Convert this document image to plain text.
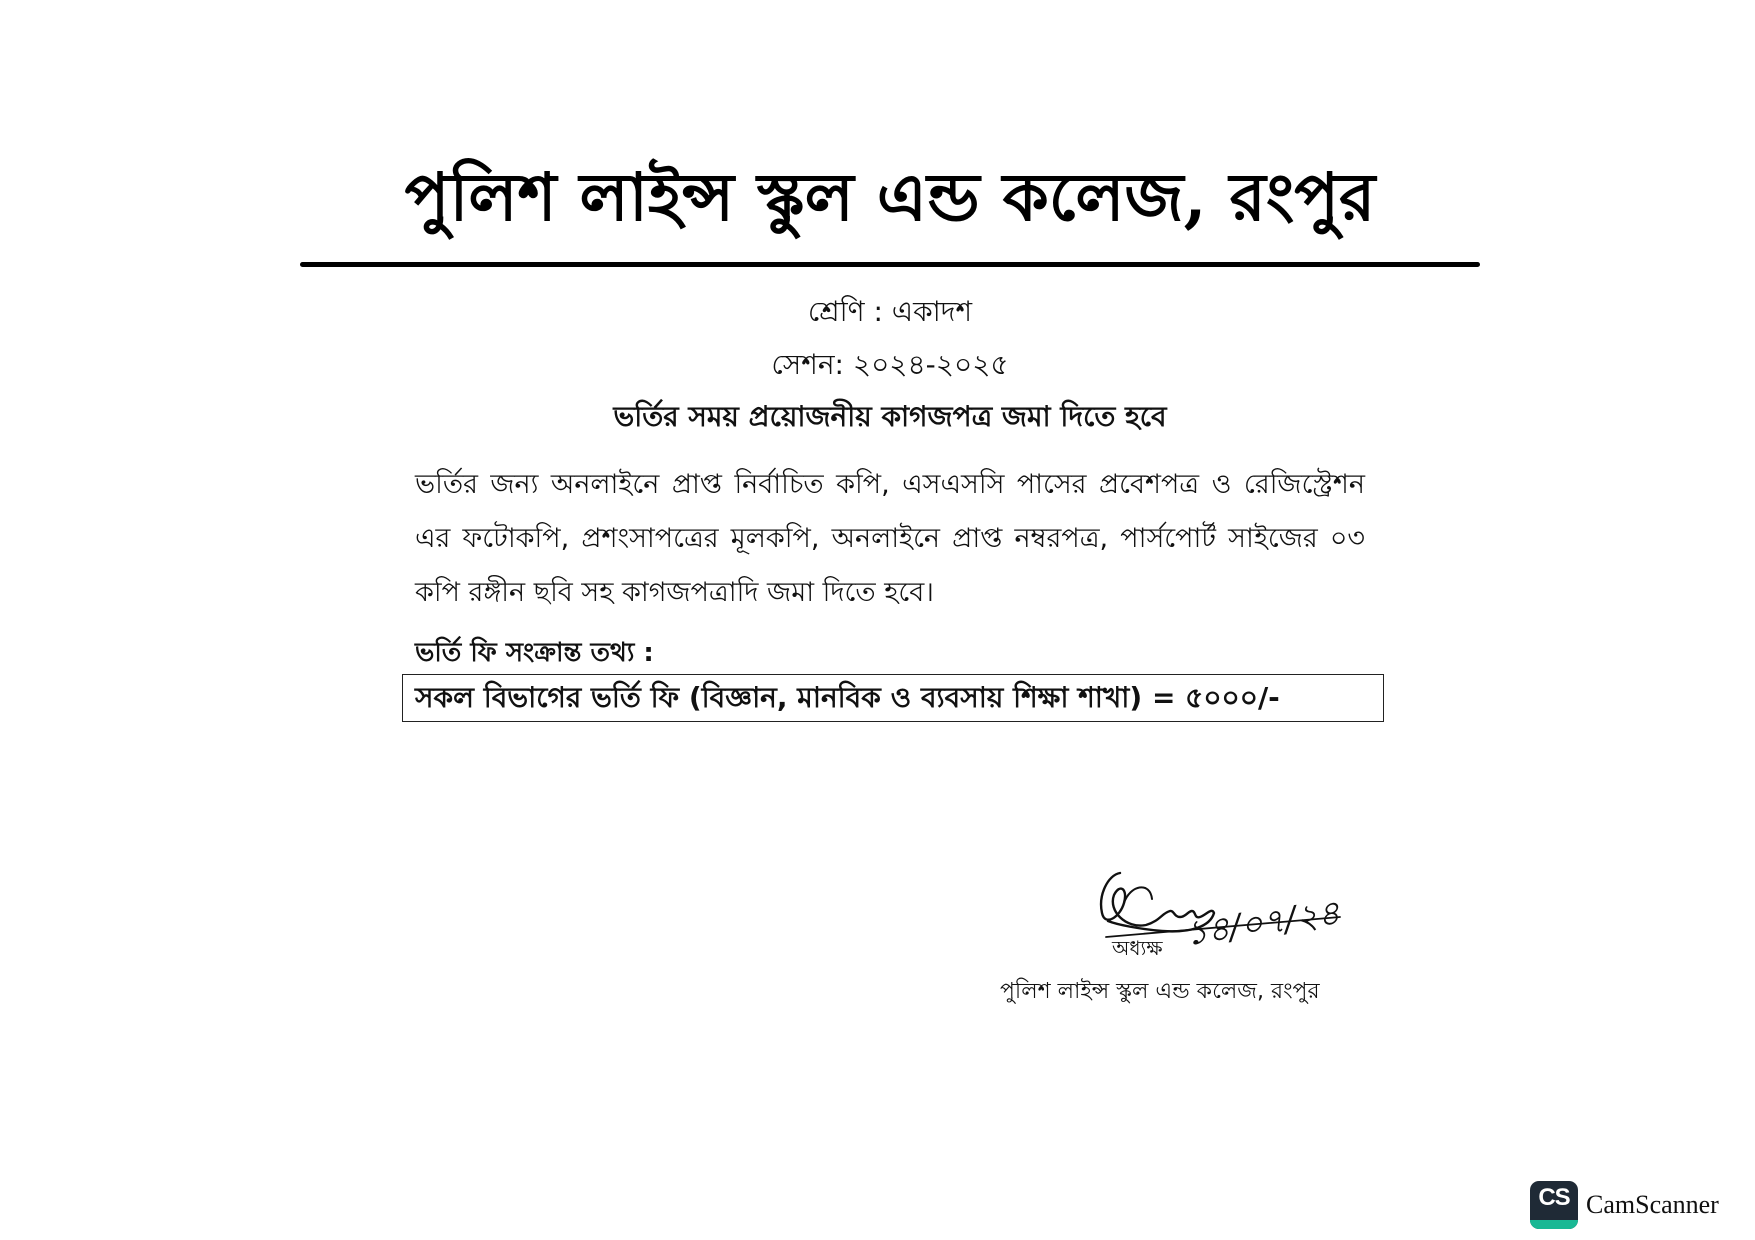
পুলিশ লাইন্স স্কুল এন্ড কলেজ, রংপুর
শ্রেণি : একাদশ
সেশন: ২০২৪-২০২৫
ভর্তির সময় প্রয়োজনীয় কাগজপত্র জমা দিতে হবে
ভর্তির জন্য অনলাইনে প্রাপ্ত নির্বাচিত কপি, এসএসসি পাসের প্রবেশপত্র ও রেজিস্ট্রেশন এর ফটোকপি, প্রশংসাপত্রের মূলকপি, অনলাইনে প্রাপ্ত নম্বরপত্র, পার্সপোর্ট সাইজের ০৩ কপি রঙ্গীন ছবি সহ কাগজপত্রাদি জমা দিতে হবে।
ভর্তি ফি সংক্রান্ত তথ্য :
সকল বিভাগের ভর্তি ফি (বিজ্ঞান, মানবিক ও ব্যবসায় শিক্ষা শাখা) = ৫০০০/-
১৪/০৭/২৪
অধ্যক্ষ
পুলিশ লাইন্স স্কুল এন্ড কলেজ, রংপুর
CS CamScanner
